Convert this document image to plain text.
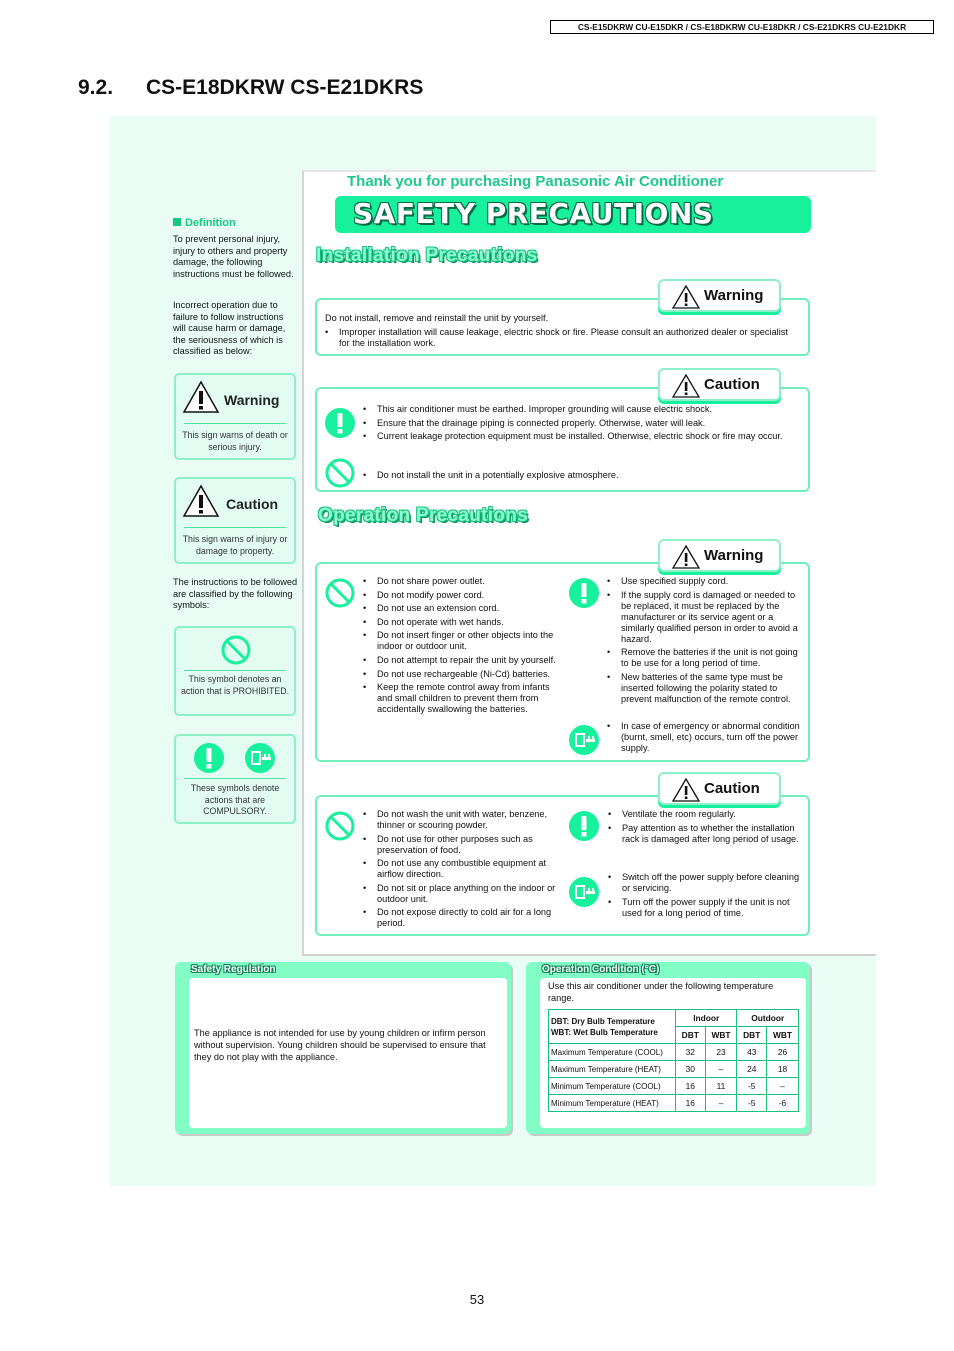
CS-E15DKRW CU-E15DKR / CS-E18DKRW CU-E18DKR / CS-E21DKRS CU-E21DKR
9.2. CS-E18DKRW CS-E21DKRS
Thank you for purchasing Panasonic Air Conditioner
SAFETY PRECAUTIONS
Definition
To prevent personal injury, injury to others and property damage, the following instructions must be followed.
Incorrect operation due to failure to follow instructions will cause harm or damage, the seriousness of which is classified as below:
Warning
This sign warns of death or serious injury.
Caution
This sign warns of injury or damage to property.
The instructions to be followed are classified by the following symbols:
This symbol denotes an action that is PROHIBITED.
These symbols denote actions that are COMPULSORY.
Installation Precautions
Warning
Do not install, remove and reinstall the unit by yourself.
• Improper installation will cause leakage, electric shock or fire. Please consult an authorized dealer or specialist for the installation work.
Caution
• This air conditioner must be earthed. Improper grounding will cause electric shock.
• Ensure that the drainage piping is connected properly. Otherwise, water will leak.
• Current leakage protection equipment must be installed. Otherwise, electric shock or fire may occur.
• Do not install the unit in a potentially explosive atmosphere.
Operation Precautions
Warning
• Do not share power outlet.
• Do not modify power cord.
• Do not use an extension cord.
• Do not operate with wet hands.
• Do not insert finger or other objects into the indoor or outdoor unit.
• Do not attempt to repair the unit by yourself.
• Do not use rechargeable (Ni-Cd) batteries.
• Keep the remote control away from infants and small children to prevent them from accidentally swallowing the batteries.
• Use specified supply cord.
• If the supply cord is damaged or needed to be replaced, it must be replaced by the manufacturer or its service agent or a similarly qualified person in order to avoid a hazard.
• Remove the batteries if the unit is not going to be use for a long period of time.
• New batteries of the same type must be inserted following the polarity stated to prevent malfunction of the remote control.
• In case of emergency or abnormal condition (burnt, smell, etc) occurs, turn off the power supply.
Caution
• Do not wash the unit with water, benzene, thinner or scouring powder.
• Do not use for other purposes such as preservation of food.
• Do not use any combustible equipment at airflow direction.
• Do not sit or place anything on the indoor or outdoor unit.
• Do not expose directly to cold air for a long period.
• Ventilate the room regularly.
• Pay attention as to whether the installation rack is damaged after long period of usage.
• Switch off the power supply before cleaning or servicing.
• Turn off the power supply if the unit is not used for a long period of time.
Safety Regulation
The appliance is not intended for use by young children or infirm person without supervision. Young children should be supervised to ensure that they do not play with the appliance.
Operation Condition (°C)
Use this air conditioner under the following temperature range.
DBT: Dry Bulb Temperature
WBT: Wet Bulb Temperature	Indoor		Outdoor	
	DBT	WBT	DBT	WBT
Maximum Temperature (COOL)	32	23	43	26
Maximum Temperature (HEAT)	30	–	24	18
Minimum Temperature (COOL)	16	11	-5	–
Minimum Temperature (HEAT)	16	–	-5	-6
53
